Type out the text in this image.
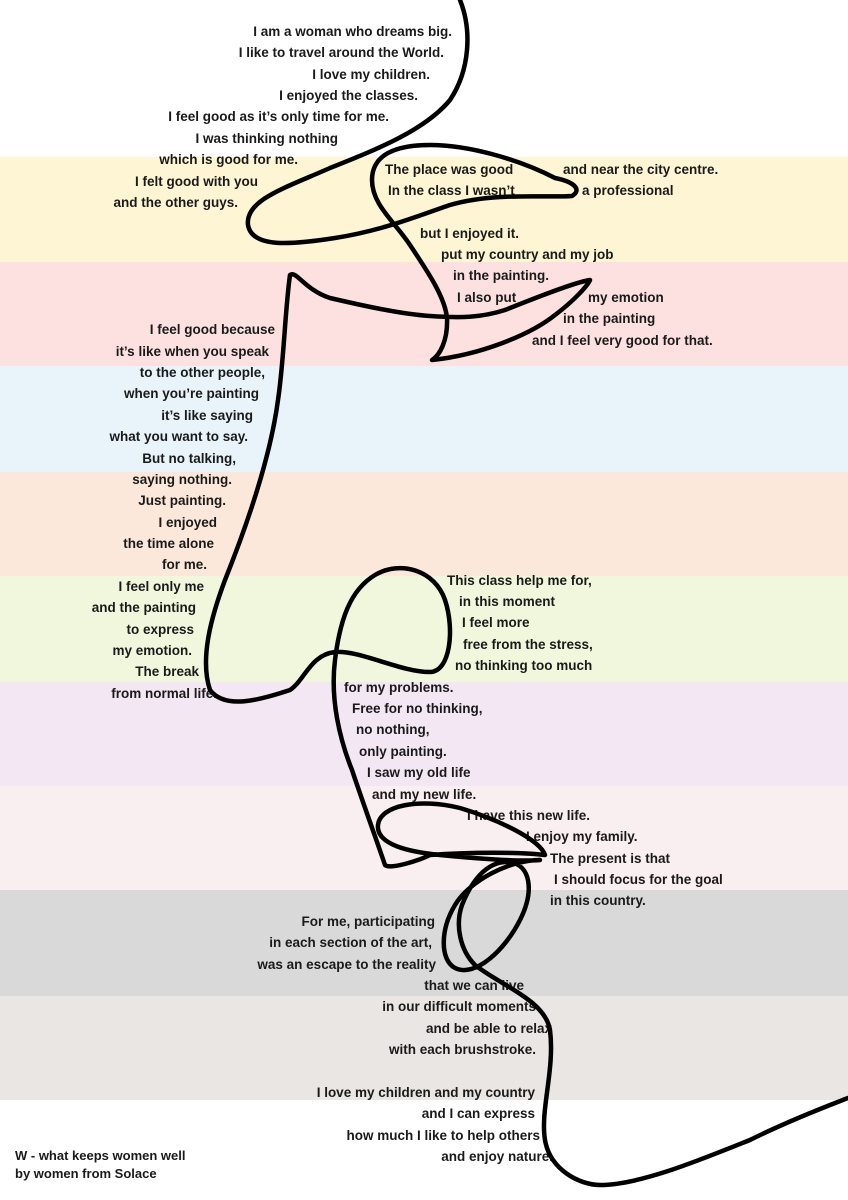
I am a woman who dreams big.

I like to travel around the World.

I love my children.

I enjoyed the classes.

I feel good as it’s only time for me.

I was thinking nothing

which is good for me.

I felt good with you

and the other guys.

The place was good	and near the city centre.

In the class I wasn’t	a professional

but I enjoyed it.

put my country and my job

in the painting.

I also put	my emotion

in the painting

and I feel very good for that.

I feel good because

it’s like when you speak

to the other people,

when you’re painting

it’s like saying

what you want to say.

But no talking,

saying nothing.

Just painting.

I enjoyed

the time alone

for me.

I feel only me

and the painting

to express

my emotion.

The break

from normal life.

This class help me for,

in this moment

I feel more

free from the stress,

no thinking too much

for my problems.

Free for no thinking,

no nothing,

only painting.

I saw my old life

and my new life.

I have this new life.

I enjoy my family.

The present is that

I should focus for the goal

in this country.

For me, participating

in each section of the art,

was an escape to the reality

that we can live

in our difficult moments

and be able to relax

with each brushstroke.

I love my children and my country

and I can express

how much I like to help others

and enjoy nature.

W - what keeps women well

by women from Solace
